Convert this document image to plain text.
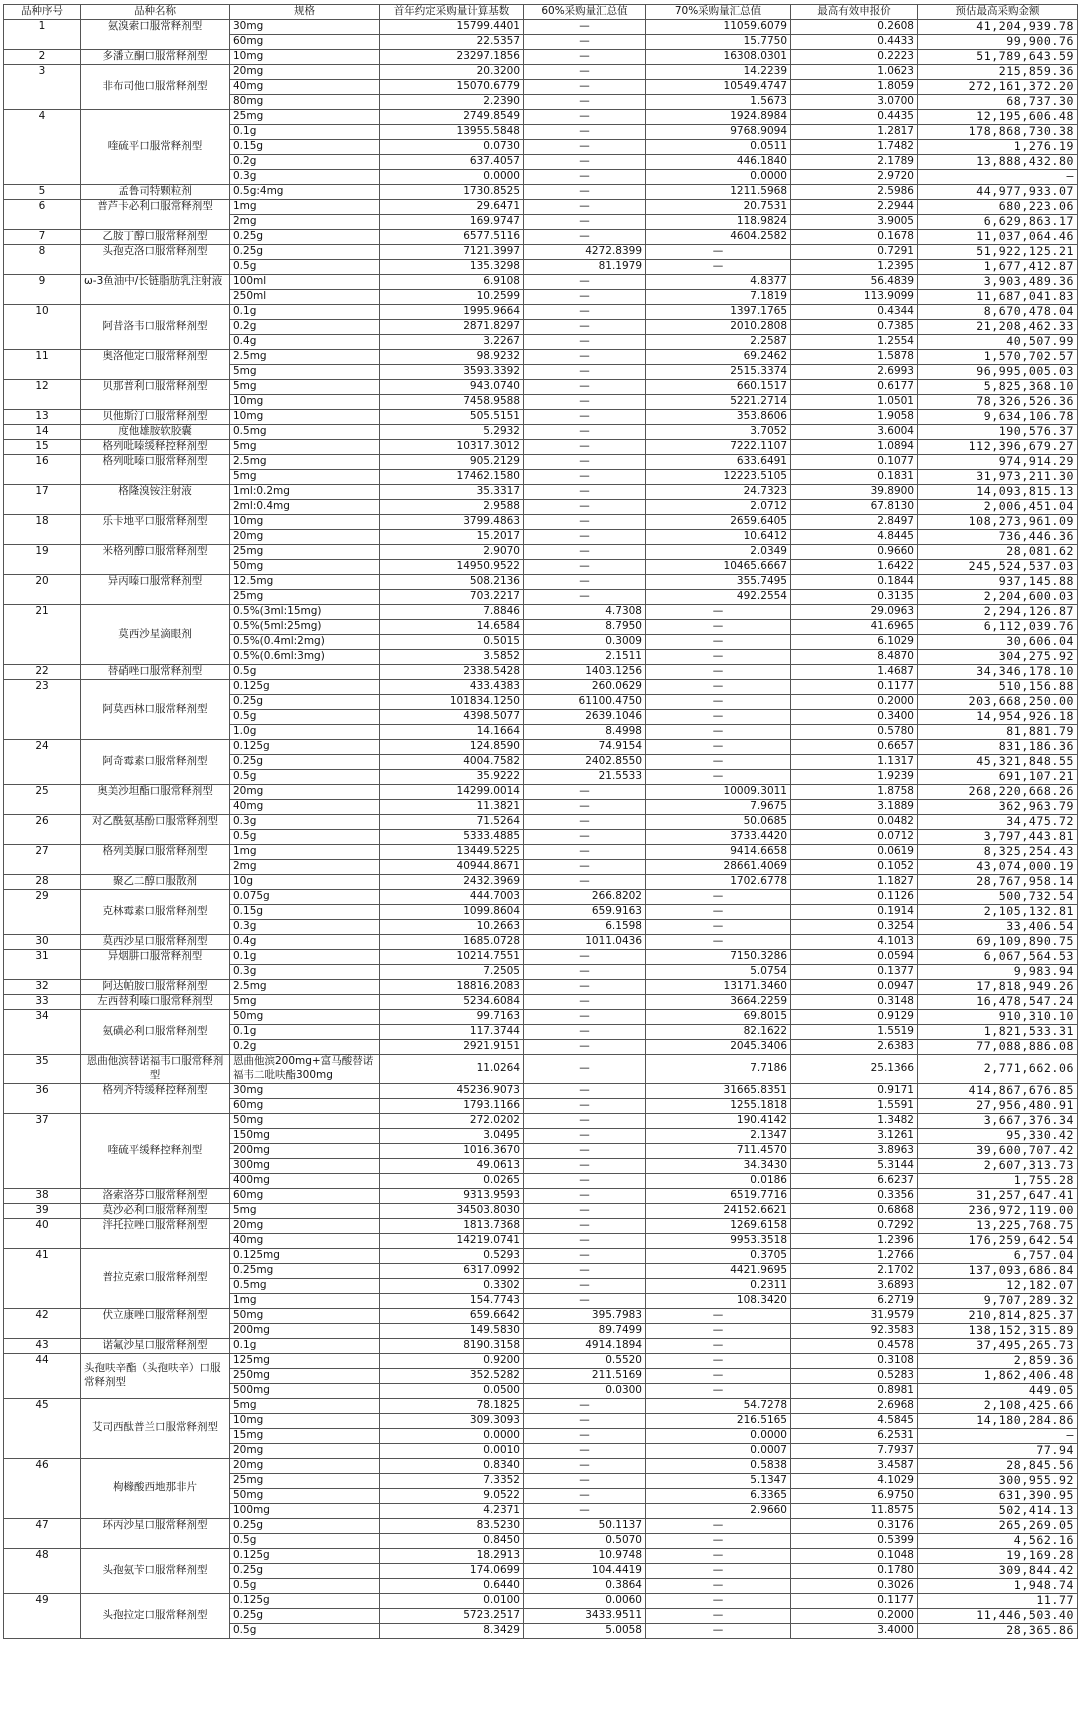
品种序号	品种名称	规格	首年约定采购量计算基数	60%采购量汇总值	70%采购量汇总值	最高有效申报价	预估最高采购金额
1	氨溴索口服常释剂型	30mg	15799.4401	—	11059.6079	0.2608	41,204,939.78
		60mg	22.5357	—	15.7750	0.4433	99,900.76
2	多潘立酮口服常释剂型	10mg	23297.1856	—	16308.0301	0.2223	51,789,643.59
3	非布司他口服常释剂型	20mg	20.3200	—	14.2239	1.0623	215,859.36
		40mg	15070.6779	—	10549.4747	1.8059	272,161,372.20
		80mg	2.2390	—	1.5673	3.0700	68,737.30
4	喹硫平口服常释剂型	25mg	2749.8549	—	1924.8984	0.4435	12,195,606.48
		0.1g	13955.5848	—	9768.9094	1.2817	178,868,730.38
		0.15g	0.0730	—	0.0511	1.7482	1,276.19
		0.2g	637.4057	—	446.1840	2.1789	13,888,432.80
		0.3g	0.0000	—	0.0000	2.9720	—
5	孟鲁司特颗粒剂	0.5g:4mg	1730.8525	—	1211.5968	2.5986	44,977,933.07
6	普芦卡必利口服常释剂型	1mg	29.6471	—	20.7531	2.2944	680,223.06
		2mg	169.9747	—	118.9824	3.9005	6,629,863.17
7	乙胺丁醇口服常释剂型	0.25g	6577.5116	—	4604.2582	0.1678	11,037,064.46
8	头孢克洛口服常释剂型	0.25g	7121.3997	4272.8399	—	0.7291	51,922,125.21
		0.5g	135.3298	81.1979	—	1.2395	1,677,412.87
9	ω-3鱼油中/长链脂肪乳注射液	100ml	6.9108	—	4.8377	56.4839	3,903,489.36
		250ml	10.2599	—	7.1819	113.9099	11,687,041.83
10	阿昔洛韦口服常释剂型	0.1g	1995.9664	—	1397.1765	0.4344	8,670,478.04
		0.2g	2871.8297	—	2010.2808	0.7385	21,208,462.33
		0.4g	3.2267	—	2.2587	1.2554	40,507.99
11	奥洛他定口服常释剂型	2.5mg	98.9232	—	69.2462	1.5878	1,570,702.57
		5mg	3593.3392	—	2515.3374	2.6993	96,995,005.03
12	贝那普利口服常释剂型	5mg	943.0740	—	660.1517	0.6177	5,825,368.10
		10mg	7458.9588	—	5221.2714	1.0501	78,326,526.36
13	贝他斯汀口服常释剂型	10mg	505.5151	—	353.8606	1.9058	9,634,106.78
14	度他雄胺软胶囊	0.5mg	5.2932	—	3.7052	3.6004	190,576.37
15	格列吡嗪缓释控释剂型	5mg	10317.3012	—	7222.1107	1.0894	112,396,679.27
16	格列吡嗪口服常释剂型	2.5mg	905.2129	—	633.6491	0.1077	974,914.29
		5mg	17462.1580	—	12223.5105	0.1831	31,973,211.30
17	格隆溴铵注射液	1ml:0.2mg	35.3317	—	24.7323	39.8900	14,093,815.13
		2ml:0.4mg	2.9588	—	2.0712	67.8130	2,006,451.04
18	乐卡地平口服常释剂型	10mg	3799.4863	—	2659.6405	2.8497	108,273,961.09
		20mg	15.2017	—	10.6412	4.8445	736,446.36
19	米格列醇口服常释剂型	25mg	2.9070	—	2.0349	0.9660	28,081.62
		50mg	14950.9522	—	10465.6667	1.6422	245,524,537.03
20	异丙嗪口服常释剂型	12.5mg	508.2136	—	355.7495	0.1844	937,145.88
		25mg	703.2217	—	492.2554	0.3135	2,204,600.03
21	莫西沙星滴眼剂	0.5%(3ml:15mg)	7.8846	4.7308	—	29.0963	2,294,126.87
		0.5%(5ml:25mg)	14.6584	8.7950	—	41.6965	6,112,039.76
		0.5%(0.4ml:2mg)	0.5015	0.3009	—	6.1029	30,606.04
		0.5%(0.6ml:3mg)	3.5852	2.1511	—	8.4870	304,275.92
22	替硝唑口服常释剂型	0.5g	2338.5428	1403.1256	—	1.4687	34,346,178.10
23	阿莫西林口服常释剂型	0.125g	433.4383	260.0629	—	0.1177	510,156.88
		0.25g	101834.1250	61100.4750	—	0.2000	203,668,250.00
		0.5g	4398.5077	2639.1046	—	0.3400	14,954,926.18
		1.0g	14.1664	8.4998	—	0.5780	81,881.79
24	阿奇霉素口服常释剂型	0.125g	124.8590	74.9154	—	0.6657	831,186.36
		0.25g	4004.7582	2402.8550	—	1.1317	45,321,848.55
		0.5g	35.9222	21.5533	—	1.9239	691,107.21
25	奥美沙坦酯口服常释剂型	20mg	14299.0014	—	10009.3011	1.8758	268,220,668.26
		40mg	11.3821	—	7.9675	3.1889	362,963.79
26	对乙酰氨基酚口服常释剂型	0.3g	71.5264	—	50.0685	0.0482	34,475.72
		0.5g	5333.4885	—	3733.4420	0.0712	3,797,443.81
27	格列美脲口服常释剂型	1mg	13449.5225	—	9414.6658	0.0619	8,325,254.43
		2mg	40944.8671	—	28661.4069	0.1052	43,074,000.19
28	聚乙二醇口服散剂	10g	2432.3969	—	1702.6778	1.1827	28,767,958.14
29	克林霉素口服常释剂型	0.075g	444.7003	266.8202	—	0.1126	500,732.54
		0.15g	1099.8604	659.9163	—	0.1914	2,105,132.81
		0.3g	10.2663	6.1598	—	0.3254	33,406.54
30	莫西沙星口服常释剂型	0.4g	1685.0728	1011.0436	—	4.1013	69,109,890.75
31	异烟肼口服常释剂型	0.1g	10214.7551	—	7150.3286	0.0594	6,067,564.53
		0.3g	7.2505	—	5.0754	0.1377	9,983.94
32	阿达帕胺口服常释剂型	2.5mg	18816.2083	—	13171.3460	0.0947	17,818,949.26
33	左西替利嗪口服常释剂型	5mg	5234.6084	—	3664.2259	0.3148	16,478,547.24
34	氨磺必利口服常释剂型	50mg	99.7163	—	69.8015	0.9129	910,310.10
		0.1g	117.3744	—	82.1622	1.5519	1,821,533.31
		0.2g	2921.9151	—	2045.3406	2.6383	77,088,886.08
35	恩曲他滨替诺福韦口服常释剂型	恩曲他滨200mg+富马酸替诺福韦二吡呋酯300mg	11.0264	—	7.7186	25.1366	2,771,662.06
36	格列齐特缓释控释剂型	30mg	45236.9073	—	31665.8351	0.9171	414,867,676.85
		60mg	1793.1166	—	1255.1818	1.5591	27,956,480.91
37	喹硫平缓释控释剂型	50mg	272.0202	—	190.4142	1.3482	3,667,376.34
		150mg	3.0495	—	2.1347	3.1261	95,330.42
		200mg	1016.3670	—	711.4570	3.8963	39,600,707.42
		300mg	49.0613	—	34.3430	5.3144	2,607,313.73
		400mg	0.0265	—	0.0186	6.6237	1,755.28
38	洛索洛芬口服常释剂型	60mg	9313.9593	—	6519.7716	0.3356	31,257,647.41
39	莫沙必利口服常释剂型	5mg	34503.8030	—	24152.6621	0.6868	236,972,119.00
40	泮托拉唑口服常释剂型	20mg	1813.7368	—	1269.6158	0.7292	13,225,768.75
		40mg	14219.0741	—	9953.3518	1.2396	176,259,642.54
41	普拉克索口服常释剂型	0.125mg	0.5293	—	0.3705	1.2766	6,757.04
		0.25mg	6317.0992	—	4421.9695	2.1702	137,093,686.84
		0.5mg	0.3302	—	0.2311	3.6893	12,182.07
		1mg	154.7743	—	108.3420	6.2719	9,707,289.32
42	伏立康唑口服常释剂型	50mg	659.6642	395.7983	—	31.9579	210,814,825.37
		200mg	149.5830	89.7499	—	92.3583	138,152,315.89
43	诺氟沙星口服常释剂型	0.1g	8190.3158	4914.1894	—	0.4578	37,495,265.73
44	头孢呋辛酯（头孢呋辛）口服常释剂型	125mg	0.9200	0.5520	—	0.3108	2,859.36
		250mg	352.5282	211.5169	—	0.5283	1,862,406.48
		500mg	0.0500	0.0300	—	0.8981	449.05
45	艾司西酞普兰口服常释剂型	5mg	78.1825	—	54.7278	2.6968	2,108,425.66
		10mg	309.3093	—	216.5165	4.5845	14,180,284.86
		15mg	0.0000	—	0.0000	6.2531	—
		20mg	0.0010	—	0.0007	7.7937	77.94
46	枸橼酸西地那非片	20mg	0.8340	—	0.5838	3.4587	28,845.56
		25mg	7.3352	—	5.1347	4.1029	300,955.92
		50mg	9.0522	—	6.3365	6.9750	631,390.95
		100mg	4.2371	—	2.9660	11.8575	502,414.13
47	环丙沙星口服常释剂型	0.25g	83.5230	50.1137	—	0.3176	265,269.05
		0.5g	0.8450	0.5070	—	0.5399	4,562.16
48	头孢氨苄口服常释剂型	0.125g	18.2913	10.9748	—	0.1048	19,169.28
		0.25g	174.0699	104.4419	—	0.1780	309,844.42
		0.5g	0.6440	0.3864	—	0.3026	1,948.74
49	头孢拉定口服常释剂型	0.125g	0.0100	0.0060	—	0.1177	11.77
		0.25g	5723.2517	3433.9511	—	0.2000	11,446,503.40
		0.5g	8.3429	5.0058	—	3.4000	28,365.86
